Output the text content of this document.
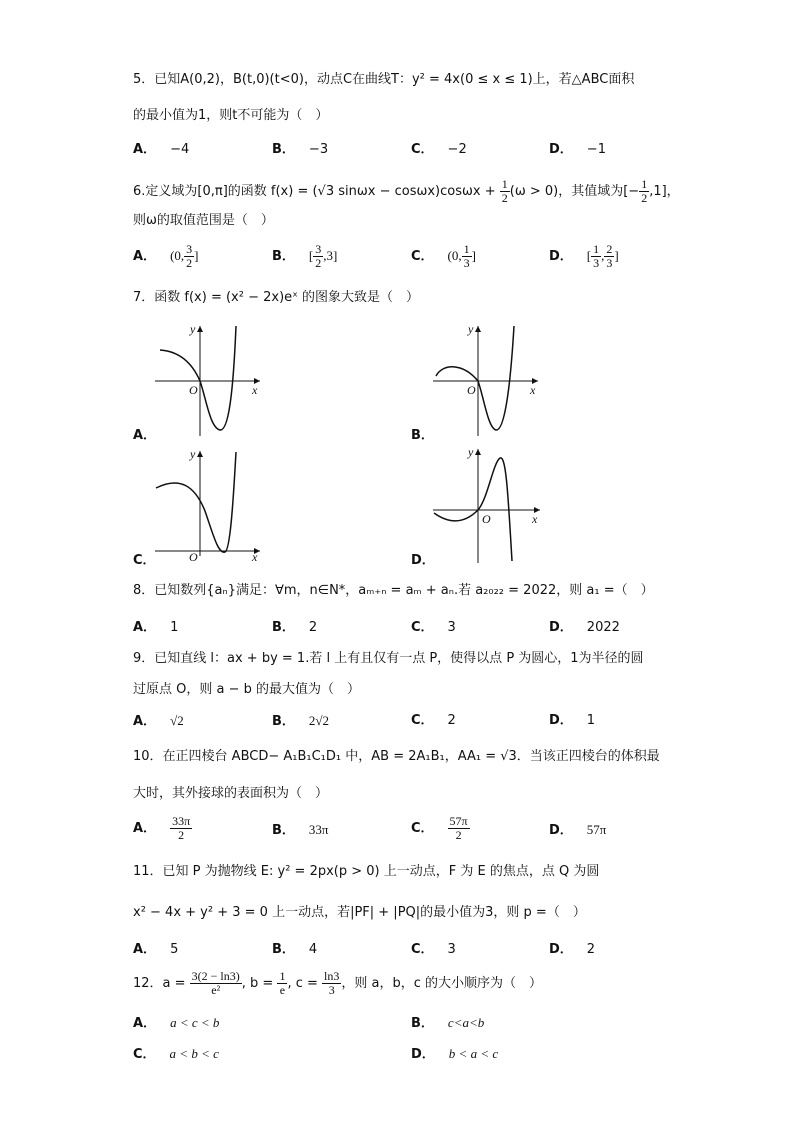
5．已知A(0,2)，B(t,0)(t<0)，动点C在曲线T：y² = 4x(0 ≤ x ≤ 1)上，若△ABC面积
的最小值为1，则t不可能为（　）
A． −4	B． −3	C． −2	D． −1
6.定义域为[0,π]的函数 f(x) = (√3 $\sin\omega x - \cos\omega x)\cos\omega x + \frac{1}{2} (\omega > 0)$，其值域为[− $\frac{1}{2} ,1$]，
则ω的取值范围是（　）
A． (0, $\frac{3}{2}$ ]	B． [ $\frac{3}{2} ,3$]	C． (0, $\frac{1}{3}$ ]	D． [ $\frac{1}{3}$ , $\frac{2}{3}$ ]
7．函数 f(x) = (x² − 2x)eˣ 的图象大致是（　）
y
x
O
A．
y
x
O
B．
y
x
O
C．
y
x
O
D．
8．已知数列{aₙ}满足：∀m，n∈N*，aₘ₊ₙ = aₘ + aₙ.若 a₂₀₂₂ = 2022，则 a₁ =（　）
A． 1	B． 2	C． 3	D． 2022
9．已知直线 l：ax + by = 1.若 l 上有且仅有一点 P，使得以点 P 为圆心，1为半径的圆
过原点 O，则 a − b 的最大值为（　）
A． √2	B． 2√2	C． 2	D． 1
10．在正四棱台 ABCD− A₁B₁C₁D₁ 中，AB = 2A₁B₁，AA₁ = √3．当该正四棱台的体积最
大时，其外接球的表面积为（　）
A． $\frac{33\pi}{2}$	B． 33π	C． $\frac{57\pi}{2}$	D． 57π
11．已知 P 为抛物线 E: y² = 2px(p > 0) 上一动点，F 为 E 的焦点，点 Q 为圆
x² − 4x + y² + 3 = 0 上一动点，若|PF| + |PQ|的最小值为3，则 p =（　）
A． 5	B． 4	C． 3	D． 2
12．$a = \frac{3(2 - \ln 3)}{\text{e²}}$ , $b = \frac{1}{e}$ , $c = \frac{\ln 3}{3}$ ，则 a，b，c 的大小顺序为（　）
A． a < c < b	B． c<a<b
C． a < b < c	D． b < a < c
